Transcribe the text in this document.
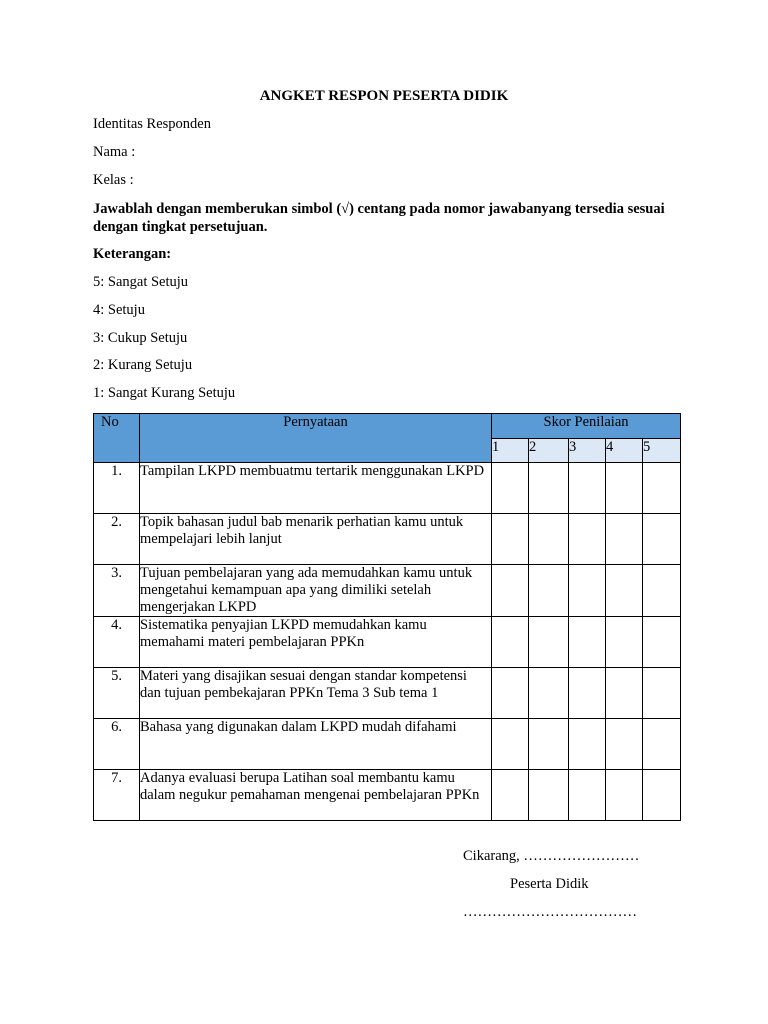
ANGKET RESPON PESERTA DIDIK
Identitas Responden
Nama :
Kelas :
Jawablah dengan memberukan simbol (√) centang pada nomor jawabanyang tersedia sesuai dengan tingkat persetujuan.
Keterangan:
5: Sangat Setuju
4: Setuju
3: Cukup Setuju
2: Kurang Setuju
1: Sangat Kurang Setuju
No	Pernyataan	Skor Penilaian				
		1	2	3	4	5
1.	Tampilan LKPD membuatmu tertarik menggunakan LKPD					
2.	Topik bahasan judul bab menarik perhatian kamu untuk mempelajari lebih lanjut					
3.	Tujuan pembelajaran yang ada memudahkan kamu untuk mengetahui kemampuan apa yang dimiliki setelah mengerjakan LKPD					
4.	Sistematika penyajian LKPD memudahkan kamu memahami materi pembelajaran PPKn					
5.	Materi yang disajikan sesuai dengan standar kompetensi dan tujuan pembekajaran PPKn Tema 3 Sub tema 1					
6.	Bahasa yang digunakan dalam LKPD mudah difahami					
7.	Adanya evaluasi berupa Latihan soal membantu kamu dalam negukur pemahaman mengenai pembelajaran PPKn					
Cikarang, ……………………
Peserta Didik
………………………………
